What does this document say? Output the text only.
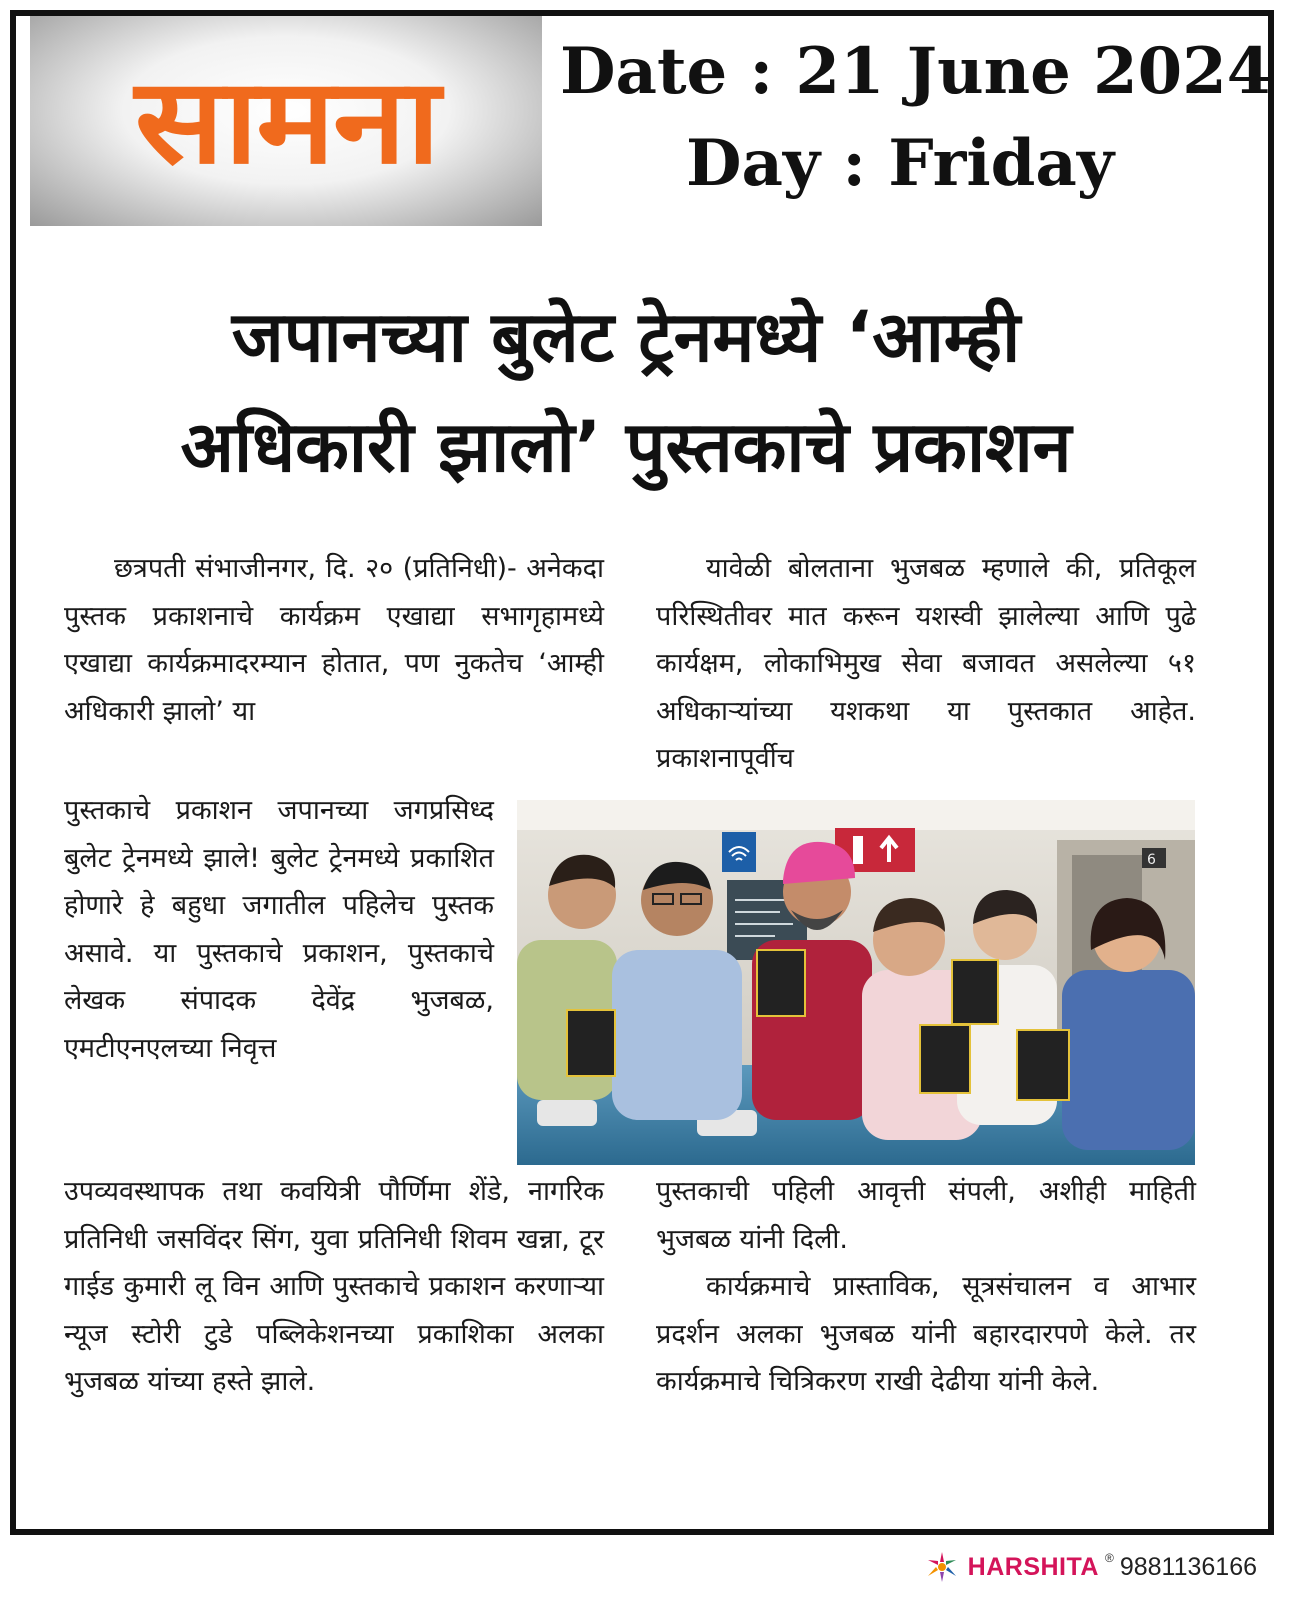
सामना Date : 21 June 2024
Day : Friday
जपानच्या बुलेट ट्रेनमध्ये ‘आम्ही
अधिकारी झालो’ पुस्तकाचे प्रकाशन

छत्रपती संभाजीनगर, दि. २० (प्रतिनिधी)- अनेकदा पुस्तक प्रकाशनाचे कार्यक्रम एखाद्या सभागृहामध्ये एखाद्या कार्यक्रमादरम्यान होतात, पण नुकतेच ‘आम्ही अधिकारी झालो’ या

पुस्तकाचे प्रकाशन जपानच्या जगप्रसिध्द बुलेट ट्रेनमध्ये झाले! बुलेट ट्रेनमध्ये प्रकाशित होणारे हे बहुधा जगातील पहिलेच पुस्तक असावे. या पुस्तकाचे प्रकाशन, पुस्तकाचे लेखक संपादक देवेंद्र भुजबळ, एमटीएनएलच्या निवृत्त

उपव्यवस्थापक तथा कवयित्री पौर्णिमा शेंडे, नागरिक प्रतिनिधी जसविंदर सिंग, युवा प्रतिनिधी शिवम खन्ना, टूर गाईड कुमारी लू विन आणि पुस्तकाचे प्रकाशन करणाऱ्या न्यूज स्टोरी टुडे पब्लिकेशनच्या प्रकाशिका अलका भुजबळ यांच्या हस्ते झाले.

यावेळी बोलताना भुजबळ म्हणाले की, प्रतिकूल परिस्थितीवर मात करून यशस्वी झालेल्या आणि पुढे कार्यक्षम, लोकाभिमुख सेवा बजावत असलेल्या ५१ अधिकाऱ्यांच्या यशकथा या पुस्तकात आहेत. प्रकाशनापूर्वीच

6

पुस्तकाची पहिली आवृत्ती संपली, अशीही माहिती भुजबळ यांनी दिली.

कार्यक्रमाचे प्रास्ताविक, सूत्रसंचालन व आभार प्रदर्शन अलका भुजबळ यांनी बहारदारपणे केले. तर कार्यक्रमाचे चित्रिकरण राखी देढीया यांनी केले.

HARSHITA ® 9881136166
